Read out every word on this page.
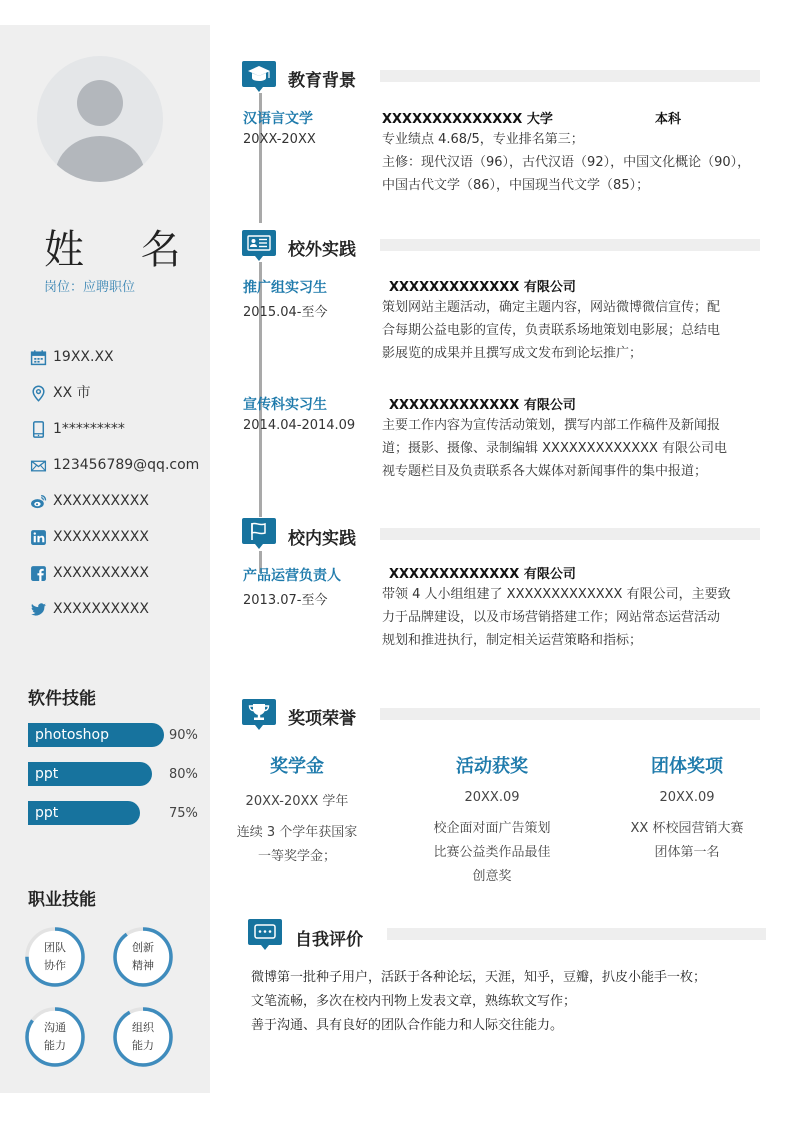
姓 名
岗位：应聘职位
19XX.XX
XX 市
1*********
123456789@qq.com
XXXXXXXXXX
XXXXXXXXXX
XXXXXXXXXX
XXXXXXXXXX
软件技能
photoshop	90%
ppt	80%
ppt	75%
职业技能
团队
协作
创新
精神
沟通
能力
组织
能力
教育背景
汉语言文学
20XX-20XX
XXXXXXXXXXXXXX 大学	本科
专业绩点 4.68/5，专业排名第三；
主修：现代汉语（96），古代汉语（92），中国文化概论（90），
中国古代文学（86），中国现当代文学（85）；
校外实践
推广组实习生
2015.04-至今
XXXXXXXXXXXXX 有限公司
策划网站主题活动，确定主题内容，网站微博微信宣传；配
合每期公益电影的宣传，负责联系场地策划电影展；总结电
影展览的成果并且撰写成文发布到论坛推广；
宣传科实习生
2014.04-2014.09
XXXXXXXXXXXXX 有限公司
主要工作内容为宣传活动策划，撰写内部工作稿件及新闻报
道；摄影、摄像、录制编辑 XXXXXXXXXXXXX 有限公司电
视专题栏目及负责联系各大媒体对新闻事件的集中报道；
校内实践
产品运营负责人
2013.07-至今
XXXXXXXXXXXXX 有限公司
带领 4 人小组组建了 XXXXXXXXXXXXX 有限公司，主要致
力于品牌建设，以及市场营销搭建工作；网站常态运营活动
规划和推进执行，制定相关运营策略和指标；
奖项荣誉
奖学金
20XX-20XX 学年
连续 3 个学年获国家
一等奖学金；
活动获奖
20XX.09
校企面对面广告策划
比赛公益类作品最佳
创意奖
团体奖项
20XX.09
XX 杯校园营销大赛
团体第一名
自我评价
微博第一批种子用户，活跃于各种论坛，天涯，知乎，豆瓣，扒皮小能手一枚；
文笔流畅，多次在校内刊物上发表文章，熟练软文写作；
善于沟通、具有良好的团队合作能力和人际交往能力。
